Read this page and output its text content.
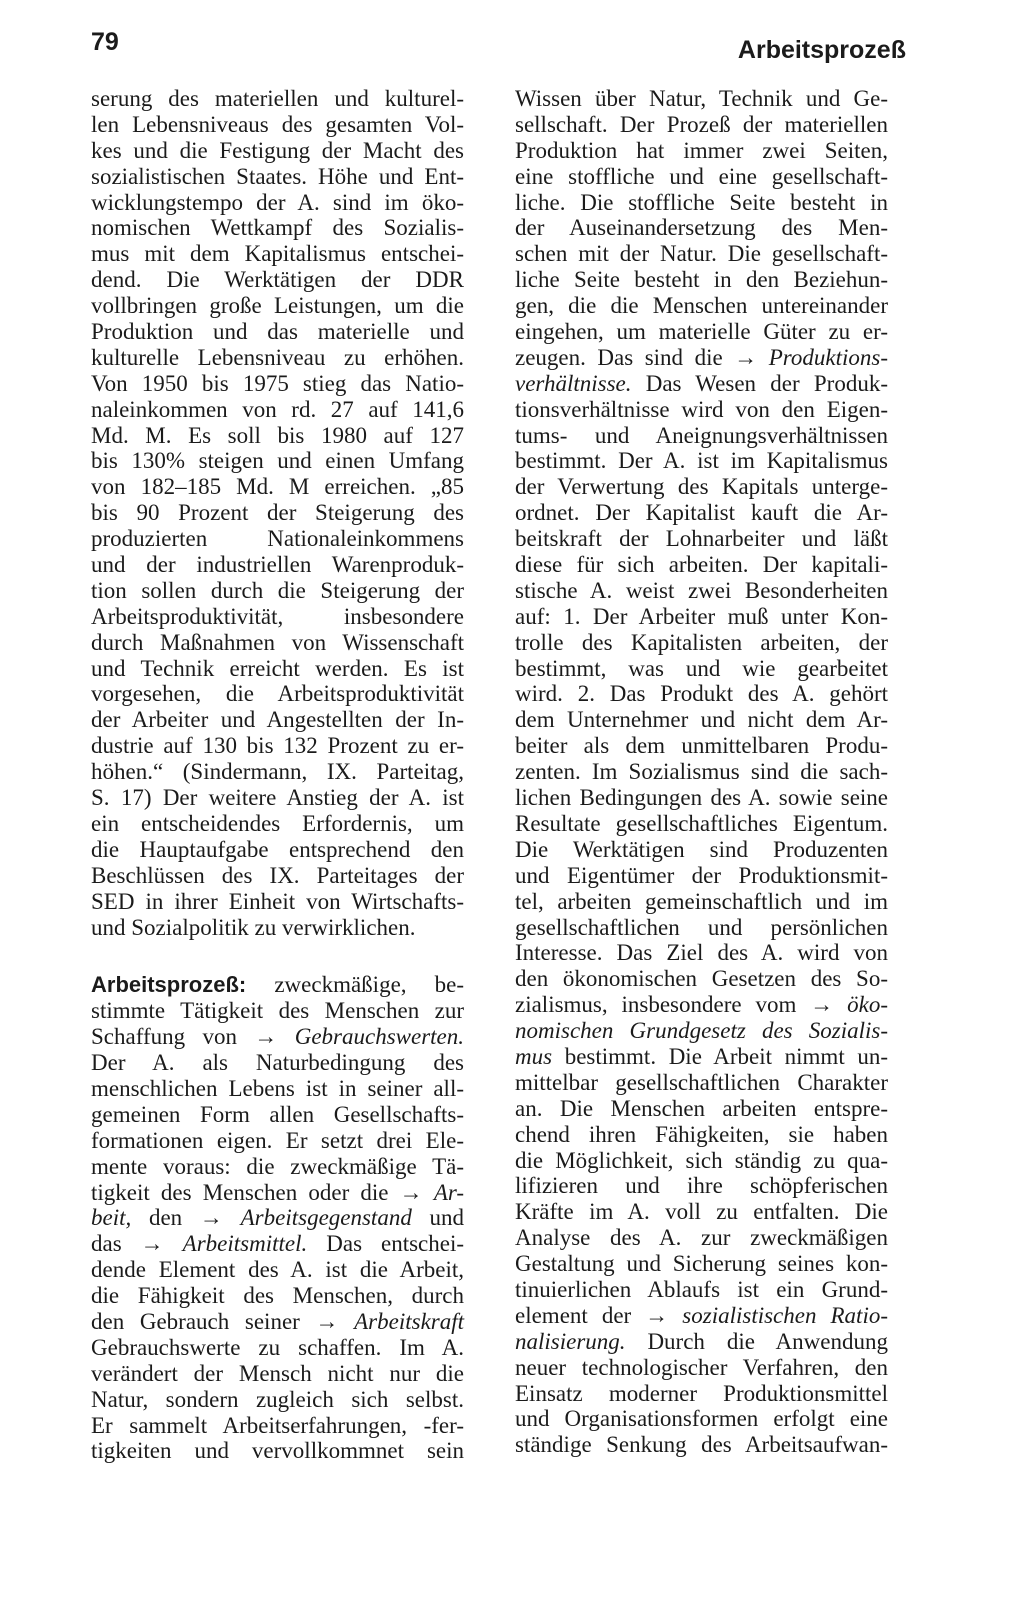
79	Arbeitsprozeß
serung des materiellen und kulturel-
len Lebensniveaus des gesamten Vol-
kes und die Festigung der Macht des
sozialistischen Staates. Höhe und Ent-
wicklungstempo der A. sind im öko-
nomischen Wettkampf des Sozialis-
mus mit dem Kapitalismus entschei-
dend. Die Werktätigen der DDR
vollbringen große Leistungen, um die
Produktion und das materielle und
kulturelle Lebensniveau zu erhöhen.
Von 1950 bis 1975 stieg das Natio-
naleinkommen von rd. 27 auf 141,6
Md. M. Es soll bis 1980 auf 127
bis 130% steigen und einen Umfang
von 182–185 Md. M erreichen. „85
bis 90 Prozent der Steigerung des
produzierten Nationaleinkommens
und der industriellen Warenproduk-
tion sollen durch die Steigerung der
Arbeitsproduktivität, insbesondere
durch Maßnahmen von Wissenschaft
und Technik erreicht werden. Es ist
vorgesehen, die Arbeitsproduktivität
der Arbeiter und Angestellten der In-
dustrie auf 130 bis 132 Prozent zu er-
höhen.“ (Sindermann, IX. Parteitag,
S. 17) Der weitere Anstieg der A. ist
ein entscheidendes Erfordernis, um
die Hauptaufgabe entsprechend den
Beschlüssen des IX. Parteitages der
SED in ihrer Einheit von Wirtschafts-
und Sozialpolitik zu verwirklichen.
Arbeitsprozeß: zweckmäßige, be-
stimmte Tätigkeit des Menschen zur
Schaffung von → Gebrauchswerten.
Der A. als Naturbedingung des
menschlichen Lebens ist in seiner all-
gemeinen Form allen Gesellschafts-
formationen eigen. Er setzt drei Ele-
mente voraus: die zweckmäßige Tä-
tigkeit des Menschen oder die → Ar-
beit, den → Arbeitsgegenstand und
das → Arbeitsmittel. Das entschei-
dende Element des A. ist die Arbeit,
die Fähigkeit des Menschen, durch
den Gebrauch seiner → Arbeitskraft
Gebrauchswerte zu schaffen. Im A.
verändert der Mensch nicht nur die
Natur, sondern zugleich sich selbst.
Er sammelt Arbeitserfahrungen, -fer-
tigkeiten und vervollkommnet sein
Wissen über Natur, Technik und Ge-
sellschaft. Der Prozeß der materiellen
Produktion hat immer zwei Seiten,
eine stoffliche und eine gesellschaft-
liche. Die stoffliche Seite besteht in
der Auseinandersetzung des Men-
schen mit der Natur. Die gesellschaft-
liche Seite besteht in den Beziehun-
gen, die die Menschen untereinander
eingehen, um materielle Güter zu er-
zeugen. Das sind die → Produktions-
verhältnisse. Das Wesen der Produk-
tionsverhältnisse wird von den Eigen-
tums- und Aneignungsverhältnissen
bestimmt. Der A. ist im Kapitalismus
der Verwertung des Kapitals unterge-
ordnet. Der Kapitalist kauft die Ar-
beitskraft der Lohnarbeiter und läßt
diese für sich arbeiten. Der kapitali-
stische A. weist zwei Besonderheiten
auf: 1. Der Arbeiter muß unter Kon-
trolle des Kapitalisten arbeiten, der
bestimmt, was und wie gearbeitet
wird. 2. Das Produkt des A. gehört
dem Unternehmer und nicht dem Ar-
beiter als dem unmittelbaren Produ-
zenten. Im Sozialismus sind die sach-
lichen Bedingungen des A. sowie seine
Resultate gesellschaftliches Eigentum.
Die Werktätigen sind Produzenten
und Eigentümer der Produktionsmit-
tel, arbeiten gemeinschaftlich und im
gesellschaftlichen und persönlichen
Interesse. Das Ziel des A. wird von
den ökonomischen Gesetzen des So-
zialismus, insbesondere vom → öko-
nomischen Grundgesetz des Sozialis-
mus bestimmt. Die Arbeit nimmt un-
mittelbar gesellschaftlichen Charakter
an. Die Menschen arbeiten entspre-
chend ihren Fähigkeiten, sie haben
die Möglichkeit, sich ständig zu qua-
lifizieren und ihre schöpferischen
Kräfte im A. voll zu entfalten. Die
Analyse des A. zur zweckmäßigen
Gestaltung und Sicherung seines kon-
tinuierlichen Ablaufs ist ein Grund-
element der → sozialistischen Ratio-
nalisierung. Durch die Anwendung
neuer technologischer Verfahren, den
Einsatz moderner Produktionsmittel
und Organisationsformen erfolgt eine
ständige Senkung des Arbeitsaufwan-
